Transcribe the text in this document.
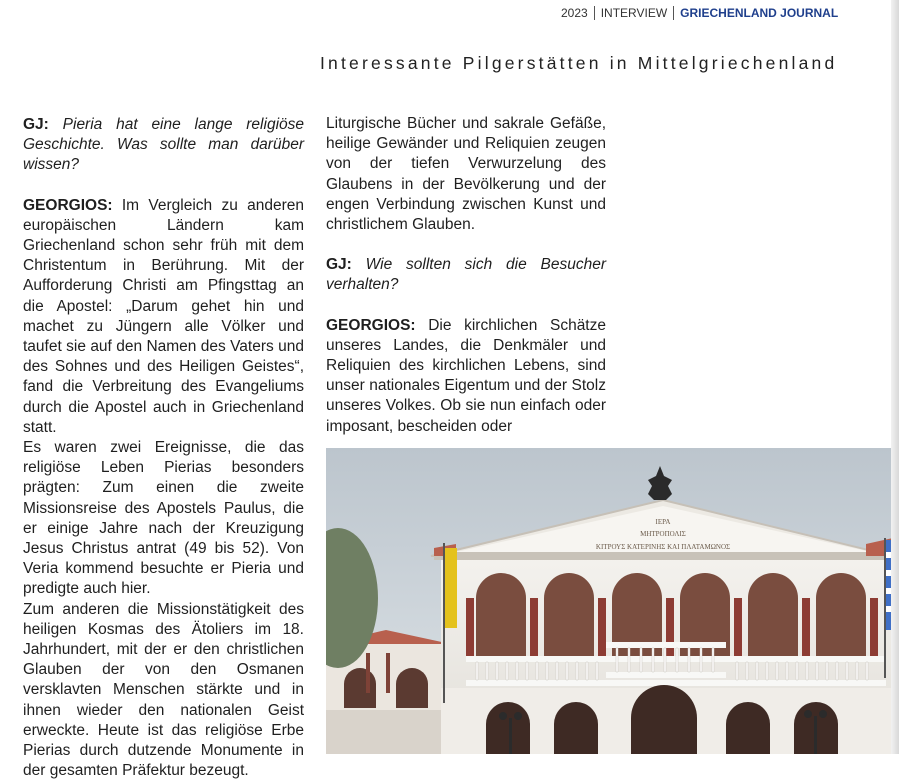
2023 INTERVIEW GRIECHENLAND JOURNAL
Interessante Pilgerstätten in Mittelgriechenland

GJ: Pieria hat eine lange religiöse Geschichte. Was sollte man darüber wissen?

GEORGIOS: Im Vergleich zu anderen europäischen Ländern kam Griechenland schon sehr früh mit dem Christentum in Berührung. Mit der Aufforderung Christi am Pfingsttag an die Apostel: „Darum gehet hin und machet zu Jüngern alle Völker und taufet sie auf den Namen des Vaters und des Sohnes und des Heiligen Geistes“, fand die Verbreitung des Evangeliums durch die Apostel auch in Griechenland statt.

Es waren zwei Ereignisse, die das religiöse Leben Pierias besonders prägten: Zum einen die zweite Missionsreise des Apostels Paulus, die er einige Jahre nach der Kreuzigung Jesus Christus antrat (49 bis 52). Von Veria kommend besuchte er Pieria und predigte auch hier.

Zum anderen die Missionstätigkeit des heiligen Kosmas des Ätoliers im 18. Jahrhundert, mit der er den christlichen Glauben der von den Osmanen versklavten Menschen stärkte und in ihnen wieder den nationalen Geist erweckte. Heute ist das religiöse Erbe Pierias durch dutzende Monumente in der gesamten Präfektur bezeugt.

Liturgische Bücher und sakrale Gefäße, heilige Gewänder und Reliquien zeugen von der tiefen Verwurzelung des Glaubens in der Bevölkerung und der engen Verbindung zwischen Kunst und christlichem Glauben.

GJ: Wie sollten sich die Besucher verhalten?

GEORGIOS: Die kirchlichen Schätze unseres Landes, die Denkmäler und Reliquien des kirchlichen Lebens, sind unser nationales Eigentum und der Stolz unseres Volkes. Ob sie nun einfach oder imposant, bescheiden oder

ΙΕΡΑ
ΜΗΤΡΟΠΟΛΙΣ
ΚΙΤΡΟΥΣ ΚΑΤΕΡΙΝΗΣ ΚΑΙ ΠΛΑΤΑΜΩΝΟΣ
